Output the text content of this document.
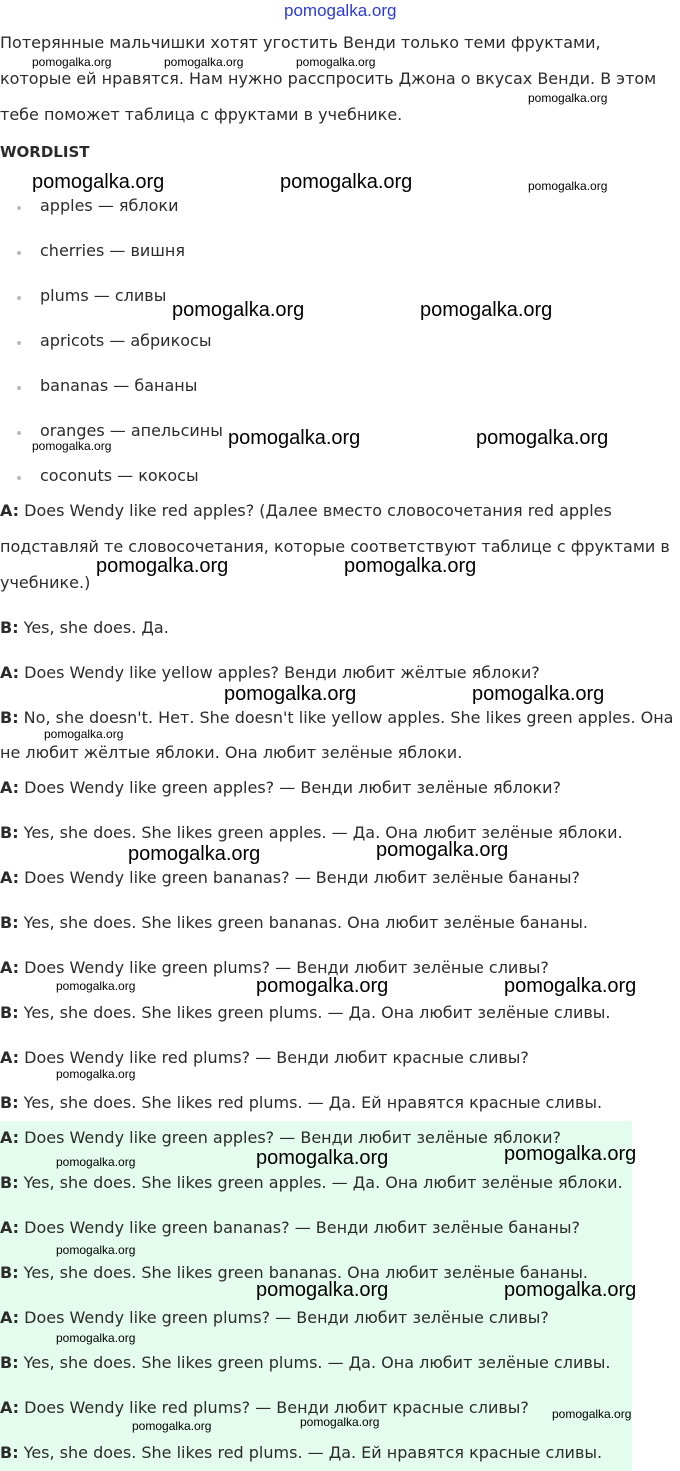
pomogalka.org

Потерянные мальчишки хотят угостить Венди только теми фруктами, которые ей нравятся. Нам нужно расспросить Джона о вкусах Венди. В этом тебе поможет таблица с фруктами в учебнике.

WORDLIST
apples — яблоки
cherries — вишня
plums — сливы
apricots — абрикосы
bananas — бананы
oranges — апельсины
coconuts — кокосы

A: Does Wendy like red apples? (Далее вместо словосочетания red apples подставляй те словосочетания, которые соответствуют таблице с фруктами в учебнике.)

B: Yes, she does. Да.

A: Does Wendy like yellow apples? Венди любит жёлтые яблоки?

B: No, she doesn't. Нет. She doesn't like yellow apples. She likes green apples. Она

не любит жёлтые яблоки. Она любит зелёные яблоки.

A: Does Wendy like green apples? — Венди любит зелёные яблоки?

B: Yes, she does. She likes green apples. — Да. Она любит зелёные яблоки.

A: Does Wendy like green bananas? — Венди любит зелёные бананы?

B: Yes, she does. She likes green bananas. Она любит зелёные бананы.

A: Does Wendy like green plums? — Венди любит зелёные сливы?

B: Yes, she does. She likes green plums. — Да. Она любит зелёные сливы.

A: Does Wendy like red plums? — Венди любит красные сливы?

B: Yes, she does. She likes red plums. — Да. Ей нравятся красные сливы.

A: Does Wendy like green apples? — Венди любит зелёные яблоки?

B: Yes, she does. She likes green apples. — Да. Она любит зелёные яблоки.

A: Does Wendy like green bananas? — Венди любит зелёные бананы?

B: Yes, she does. She likes green bananas. Она любит зелёные бананы.

A: Does Wendy like green plums? — Венди любит зелёные сливы?

B: Yes, she does. She likes green plums. — Да. Она любит зелёные сливы.

A: Does Wendy like red plums? — Венди любит красные сливы?

B: Yes, she does. She likes red plums. — Да. Ей нравятся красные сливы.

pomogalka.org	pomogalka.org	pomogalka.org
pomogalka.org
pomogalka.org	pomogalka.org	pomogalka.org
pomogalka.org	pomogalka.org
pomogalka.org	pomogalka.org	pomogalka.org
pomogalka.org	pomogalka.org
pomogalka.org	pomogalka.org
pomogalka.org
pomogalka.org	pomogalka.org
pomogalka.org	pomogalka.org	pomogalka.org
pomogalka.org
pomogalka.org	pomogalka.org	pomogalka.org
pomogalka.org
pomogalka.org	pomogalka.org
pomogalka.org
pomogalka.org	pomogalka.org
pomogalka.org
